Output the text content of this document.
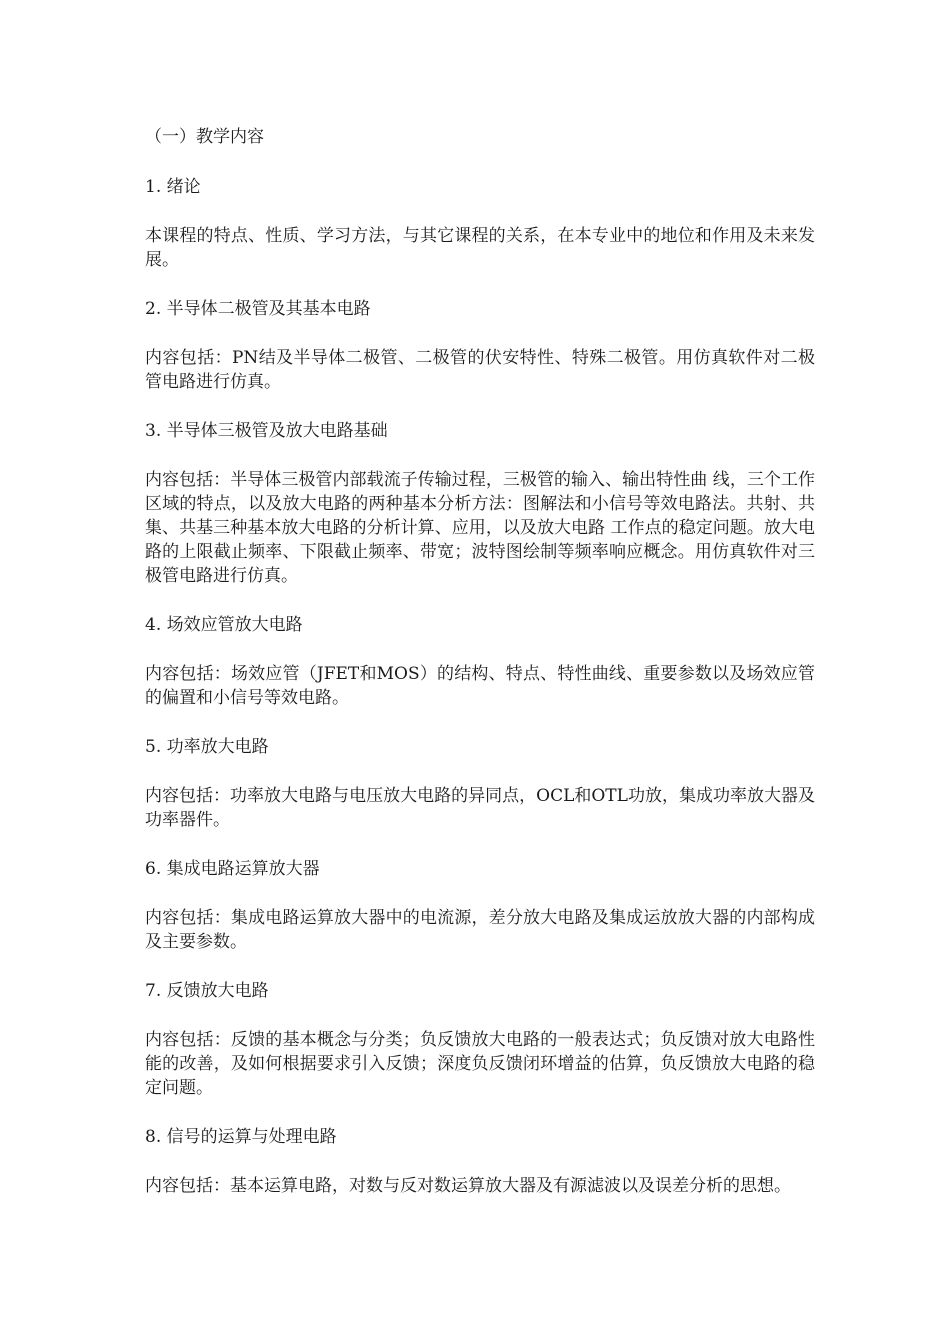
（一）教学内容
1. 绪论
本课程的特点、性质、学习方法，与其它课程的关系，在本专业中的地位和作用及未来发展。
2. 半导体二极管及其基本电路
内容包括：PN结及半导体二极管、二极管的伏安特性、特殊二极管。用仿真软件对二极管电路进行仿真。
3. 半导体三极管及放大电路基础
内容包括：半导体三极管内部载流子传输过程，三极管的输入、输出特性曲 线，三个工作区域的特点，以及放大电路的两种基本分析方法：图解法和小信号等效电路法。共射、共集、共基三种基本放大电路的分析计算、应用，以及放大电路 工作点的稳定问题。放大电路的上限截止频率、下限截止频率、带宽；波特图绘制等频率响应概念。用仿真软件对三极管电路进行仿真。
4. 场效应管放大电路
内容包括：场效应管（JFET和MOS）的结构、特点、特性曲线、重要参数以及场效应管的偏置和小信号等效电路。
5. 功率放大电路
内容包括：功率放大电路与电压放大电路的异同点，OCL和OTL功放，集成功率放大器及功率器件。
6. 集成电路运算放大器
内容包括：集成电路运算放大器中的电流源，差分放大电路及集成运放放大器的内部构成及主要参数。
7. 反馈放大电路
内容包括：反馈的基本概念与分类；负反馈放大电路的一般表达式；负反馈对放大电路性能的改善，及如何根据要求引入反馈；深度负反馈闭环增益的估算，负反馈放大电路的稳定问题。
8. 信号的运算与处理电路
内容包括：基本运算电路，对数与反对数运算放大器及有源滤波以及误差分析的思想。
